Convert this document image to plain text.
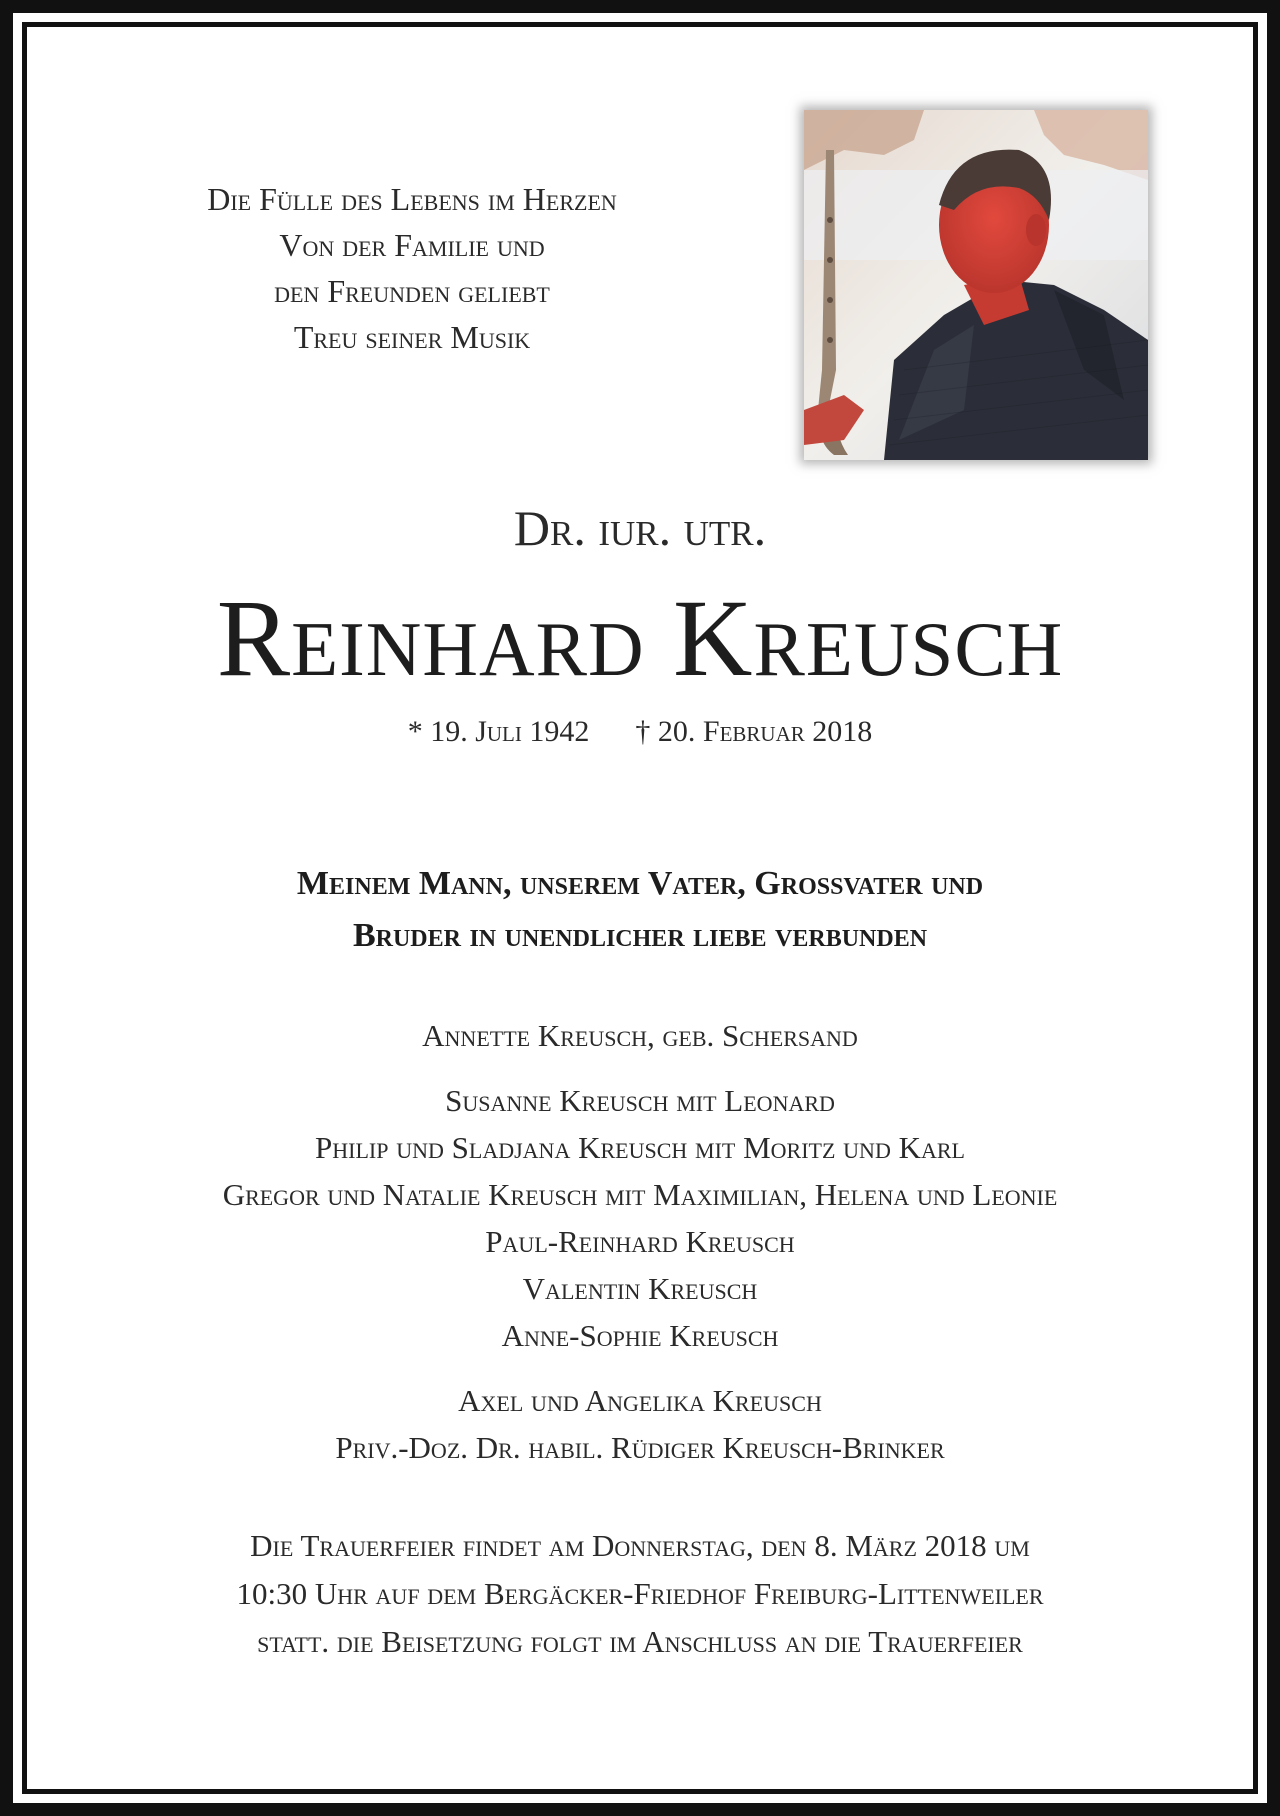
Die Fülle des Lebens im Herzen
Von der Familie und
den Freunden geliebt
Treu seiner Musik
Dr. iur. utr.
Reinhard Kreusch
* 19. Juli 1942 † 20. Februar 2018
Meinem Mann, unserem Vater, Großvater und
Bruder in unendlicher liebe verbunden
Annette Kreusch, geb. Schersand
Susanne Kreusch mit Leonard
Philip und Sladjana Kreusch mit Moritz und Karl
Gregor und Natalie Kreusch mit Maximilian, Helena und Leonie
Paul-Reinhard Kreusch
Valentin Kreusch
Anne-Sophie Kreusch
Axel und Angelika Kreusch
Priv.-Doz. Dr. habil. Rüdiger Kreusch-Brinker
Die Trauerfeier findet am Donnerstag, den 8. März 2018 um
10:30 Uhr auf dem Bergäcker-Friedhof Freiburg-Littenweiler
statt. die Beisetzung folgt im Anschluss an die Trauerfeier
